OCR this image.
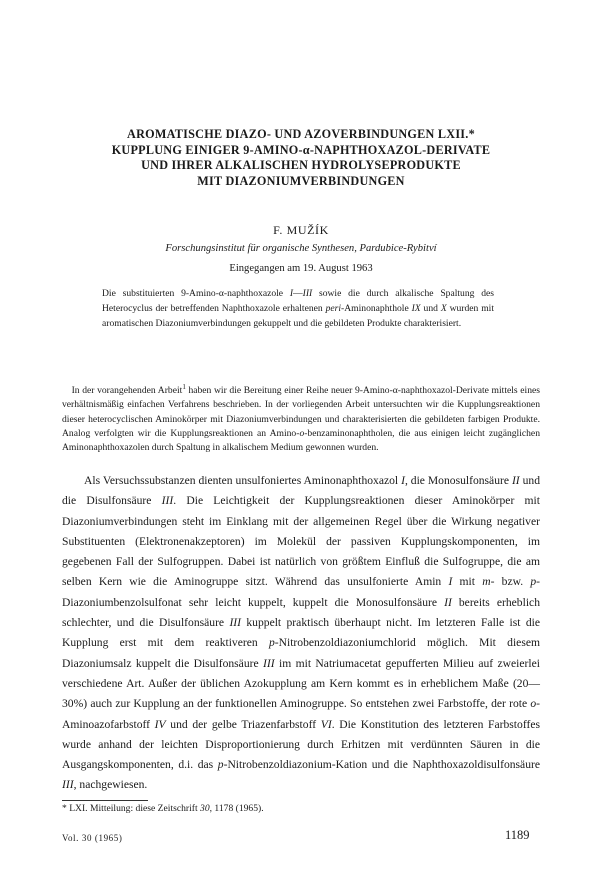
AROMATISCHE DIAZO- UND AZOVERBINDUNGEN LXII.*
KUPPLUNG EINIGER 9-AMINO-α-NAPHTHOXAZOL-DERIVATE
UND IHRER ALKALISCHEN HYDROLYSEPRODUKTE
MIT DIAZONIUMVERBINDUNGEN
F. MUŽÍK
Forschungsinstitut für organische Synthesen, Pardubice-Rybitví
Eingegangen am 19. August 1963
Die substituierten 9-Amino-α-naphthoxazole I—III sowie die durch alkalische Spaltung des Heterocyclus der betreffenden Naphthoxazole erhaltenen peri-Aminonaphthole IX und X wurden mit aromatischen Diazoniumverbindungen gekuppelt und die gebildeten Produkte charakterisiert.
  In der vorangehenden Arbeit$^1$ haben wir die Bereitung einer Reihe neuer 9-Amino-α-naphthoxazol-Derivate mittels eines verhältnismäßig einfachen Verfahrens beschrieben. In der vorliegenden Arbeit untersuchten wir die Kupplungsreaktionen dieser heterocyclischen Aminokörper mit Diazoniumverbindungen und charakterisierten die gebildeten farbigen Produkte. Analog verfolgten wir die Kupplungsreaktionen an Amino-o-benzaminonaphtholen, die aus einigen leicht zugänglichen Aminonaphthoxazolen durch Spaltung in alkalischem Medium gewonnen wurden.

Als Versuchssubstanzen dienten unsulfoniertes Aminonaphthoxazol I, die Monosulfonsäure II und die Disulfonsäure III. Die Leichtigkeit der Kupplungsreaktionen dieser Aminokörper mit Diazoniumverbindungen steht im Einklang mit der allgemeinen Regel über die Wirkung negativer Substituenten (Elektronenakzeptoren) im Molekül der passiven Kupplungskomponenten, im gegebenen Fall der Sulfogruppen. Dabei ist natürlich von größtem Einfluß die Sulfogruppe, die am selben Kern wie die Aminogruppe sitzt. Während das unsulfonierte Amin I mit m- bzw. p-Diazoniumbenzolsulfonat sehr leicht kuppelt, kuppelt die Monosulfonsäure II bereits erheblich schlechter, und die Disulfonsäure III kuppelt praktisch überhaupt nicht. Im letzteren Falle ist die Kupplung erst mit dem reaktiveren p-Nitrobenzoldiazoniumchlorid möglich. Mit diesem Diazoniumsalz kuppelt die Disulfonsäure III im mit Natriumacetat gepufferten Milieu auf zweierlei verschiedene Art. Außer der üblichen Azokupplung am Kern kommt es in erheblichem Maße (20—30%) auch zur Kupplung an der funktionellen Aminogruppe. So entstehen zwei Farbstoffe, der rote o-Aminoazofarbstoff IV und der gelbe Triazenfarbstoff VI. Die Konstitution des letzteren Farbstoffes wurde anhand der leichten Disproportionierung durch Erhitzen mit verdünnten Säuren in die Ausgangskomponenten, d.i. das p-Nitrobenzoldiazonium-Kation und die Naphthoxazoldisulfonsäure III, nachgewiesen.

* LXI. Mitteilung: diese Zeitschrift 30, 1178 (1965).
Vol. 30 (1965)	1189
